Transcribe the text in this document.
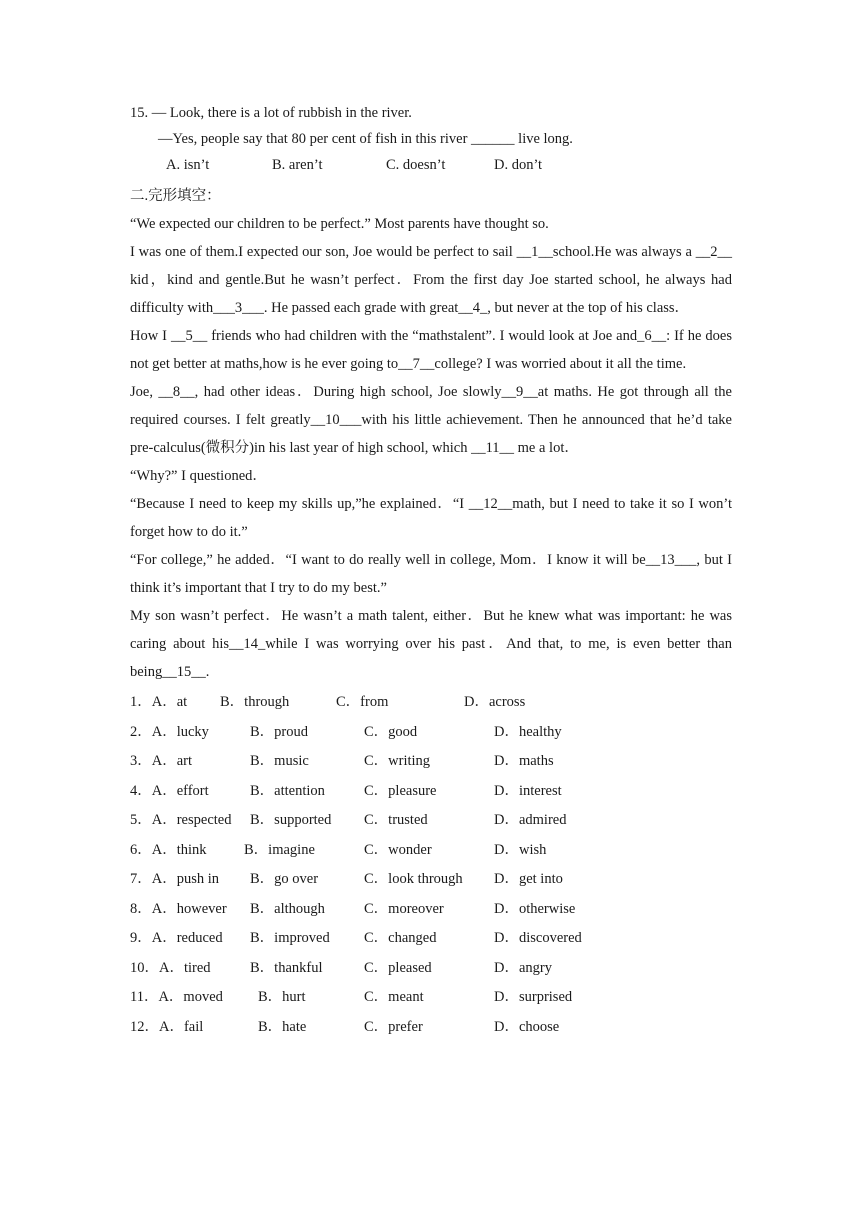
15. — Look, there is a lot of rubbish in the river.
—Yes, people say that 80 per cent of fish in this river ______ live long.
A. isn’t	B. aren’t	C. doesn’t	D. don’t
二.完形填空：

“We expected our children to be perfect.” Most parents have thought so.

I was one of them.I expected our son, Joe would be perfect to sail __1__school.He was always a __2__ kid，kind and gentle.But he wasn’t perfect．From the first day Joe started school, he always had difficulty with___3___. He passed each grade with great__4_, but never at the top of his class．

How I __5__ friends who had children with the “mathstalent”. I would look at Joe and_6__: If he does not get better at maths,how is he ever going to__7__college? I was worried about it all the time.

Joe, __8__, had other ideas．During high school, Joe slowly__9__at maths. He got through all the required courses. I felt greatly__10___with his little achievement. Then he announced that he’d take pre-calculus(微积分)in his last year of high school, which __11__ me a lot．

“Why?” I questioned．

“Because I need to keep my skills up,”he explained．“I __12__math, but I need to take it so I won’t forget how to do it.”

“For college,” he added．“I want to do really well in college, Mom．I know it will be__13___, but I think it’s important that I try to do my best.”

My son wasn’t perfect．He wasn’t a math talent, either．But he knew what was important: he was caring about his__14_while I was worrying over his past．And that, to me, is even better than being__15__.

1．A．at B．through	C．from	D．across
2．A．lucky	B．proud	C．good	D．healthy
3．A．art	B．music	C．writing	D．maths
4．A．effort	B．attention	C．pleasure	D．interest
5．A．respected B．supported C．trusted	D．admired
6．A．think	B．imagine	C．wonder	D．wish
7．A．push in B．go over	C．look through D．get into
8．A．however B．although	C．moreover	D．otherwise
9．A．reduced B．improved C．changed	D．discovered
10．A．tired	B．thankful	C．pleased	D．angry
11．A．moved B．hurt	C．meant	D．surprised
12．A．fail	B．hate	C．prefer	D．choose
